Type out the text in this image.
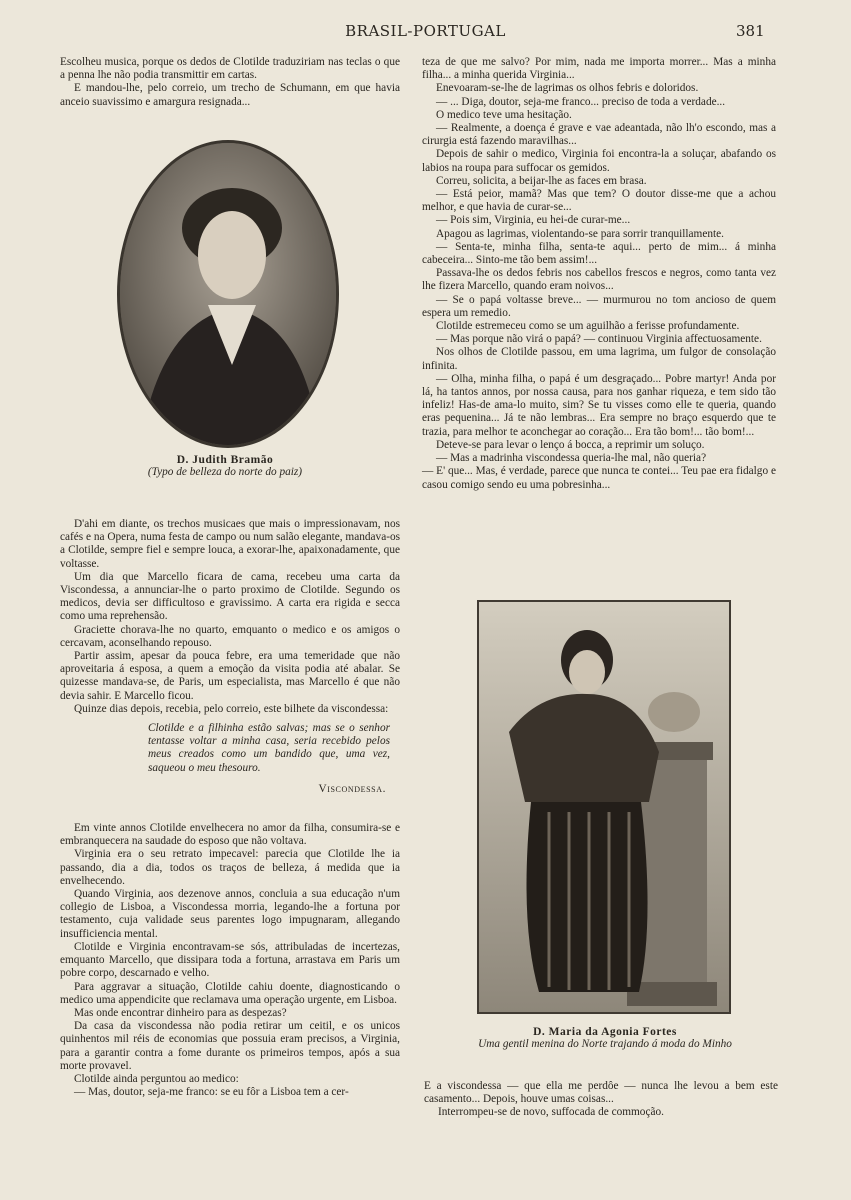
BRASIL-PORTUGAL	381

Escolheu musica, porque os dedos de Clotilde traduziriam nas teclas o que a penna lhe não podia transmittir em cartas.

E mandou-lhe, pelo correio, um trecho de Schumann, em que havia anceio suavissimo e amargura resignada...

D. Judith Bramão
(Typo de belleza do norte do paiz)

D'ahi em diante, os trechos musicaes que mais o impressionavam, nos cafés e na Opera, numa festa de campo ou num salão elegante, mandava-os a Clotilde, sempre fiel e sempre louca, a exorar-lhe, apaixonadamente, que voltasse.

Um dia que Marcello ficara de cama, recebeu uma carta da Viscondessa, a annunciar-lhe o parto proximo de Clotilde. Segundo os medicos, devia ser difficultoso e gravissimo. A carta era rigida e secca como uma reprehensão.

Graciette chorava-lhe no quarto, emquanto o medico e os amigos o cercavam, aconselhando repouso.

Partir assim, apesar da pouca febre, era uma temeridade que não aproveitaria á esposa, a quem a emoção da visita podia até abalar. Se quizesse mandava-se, de Paris, um especialista, mas Marcello é que não devia sahir. E Marcello ficou.

Quinze dias depois, recebia, pelo correio, este bilhete da viscondessa:

Clotilde e a filhinha estão salvas; mas se o senhor tentasse voltar a minha casa, seria recebido pelos meus creados como um bandido que, uma vez, saqueou o meu thesouro.

Viscondessa.

Em vinte annos Clotilde envelhecera no amor da filha, consumira-se e embranquecera na saudade do esposo que não voltava.

Virginia era o seu retrato impecavel: parecia que Clotilde lhe ia passando, dia a dia, todos os traços de belleza, á medida que ia envelhecendo.

Quando Virginia, aos dezenove annos, concluia a sua educação n'um collegio de Lisboa, a Viscondessa morria, legando-lhe a fortuna por testamento, cuja validade seus parentes logo impugnaram, allegando insufficiencia mental.

Clotilde e Virginia encontravam-se sós, attribuladas de incertezas, emquanto Marcello, que dissipara toda a fortuna, arrastava em Paris um pobre corpo, descarnado e velho.

Para aggravar a situação, Clotilde cahiu doente, diagnosticando o medico uma appendicite que reclamava uma operação urgente, em Lisboa.

Mas onde encontrar dinheiro para as despezas?

Da casa da viscondessa não podia retirar um ceitil, e os unicos quinhentos mil réis de economias que possuia eram precisos, a Virginia, para a garantir contra a fome durante os primeiros tempos, após a sua morte provavel.

Clotilde ainda perguntou ao medico:

— Mas, doutor, seja-me franco: se eu fôr a Lisboa tem a cer-

teza de que me salvo? Por mim, nada me importa morrer... Mas a minha filha... a minha querida Virginia...

Enevoaram-se-lhe de lagrimas os olhos febris e doloridos.

— ... Diga, doutor, seja-me franco... preciso de toda a verdade...

O medico teve uma hesitação.

— Realmente, a doença é grave e vae adeantada, não lh'o escondo, mas a cirurgia está fazendo maravilhas...

Depois de sahir o medico, Virginia foi encontra-la a soluçar, abafando os labios na roupa para suffocar os gemidos.

Correu, solicita, a beijar-lhe as faces em brasa.

— Está peior, mamã? Mas que tem? O doutor disse-me que a achou melhor, e que havia de curar-se...

— Pois sim, Virginia, eu hei-de curar-me...

Apagou as lagrimas, violentando-se para sorrir tranquillamente.

— Senta-te, minha filha, senta-te aqui... perto de mim... á minha cabeceira... Sinto-me tão bem assim!...

Passava-lhe os dedos febris nos cabellos frescos e negros, como tanta vez lhe fizera Marcello, quando eram noivos...

— Se o papá voltasse breve... — murmurou no tom ancioso de quem espera um remedio.

Clotilde estremeceu como se um aguilhão a ferisse profundamente.

— Mas porque não virá o papá? — continuou Virginia affectuosamente.

Nos olhos de Clotilde passou, em uma lagrima, um fulgor de consolação infinita.

— Olha, minha filha, o papá é um desgraçado... Pobre martyr! Anda por lá, ha tantos annos, por nossa causa, para nos ganhar riqueza, e tem sido tão infeliz! Has-de ama-lo muito, sim? Se tu visses como elle te queria, quando eras pequenina... Já te não lembras... Era sempre no braço esquerdo que te trazia, para melhor te aconchegar ao coração... Era tão bom!... tão bom!...

Deteve-se para levar o lenço á bocca, a reprimir um soluço.

— Mas a madrinha viscondessa queria-lhe mal, não queria?

— E' que... Mas, é verdade, parece que nunca te contei... Teu pae era fidalgo e casou comigo sendo eu uma pobresinha...

D. Maria da Agonia Fortes
Uma gentil menina do Norte trajando á moda do Minho

E a viscondessa — que ella me perdôe — nunca lhe levou a bem este casamento... Depois, houve umas coisas...

Interrompeu-se de novo, suffocada de commoção.
